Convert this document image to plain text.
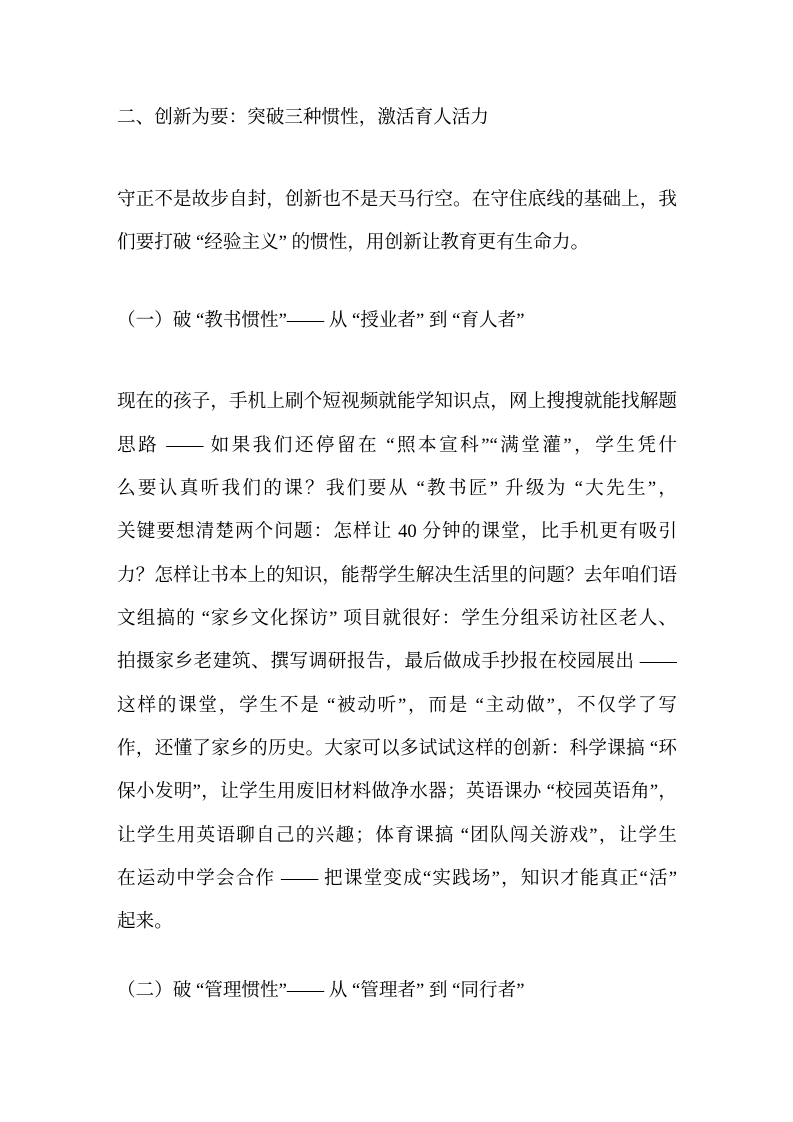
二、创新为要：突破三种惯性，激活育人活力
守正不是故步自封，创新也不是天马行空。在守住底线的基础上，我
们要打破 “经验主义” 的惯性，用创新让教育更有生命力。
（一）破 “教书惯性”—— 从 “授业者” 到 “育人者”
现在的孩子，手机上刷个短视频就能学知识点，网上搜搜就能找解题
思路 —— 如果我们还停留在 “照本宣科”“满堂灌”，学生凭什
么要认真听我们的课？我们要从 “教书匠” 升级为 “大先生”，
关键要想清楚两个问题：怎样让 40 分钟的课堂，比手机更有吸引
力？怎样让书本上的知识，能帮学生解决生活里的问题？去年咱们语
文组搞的 “家乡文化探访” 项目就很好：学生分组采访社区老人、
拍摄家乡老建筑、撰写调研报告，最后做成手抄报在校园展出 ——
这样的课堂，学生不是 “被动听”，而是 “主动做”，不仅学了写
作，还懂了家乡的历史。大家可以多试试这样的创新：科学课搞 “环
保小发明”，让学生用废旧材料做净水器；英语课办 “校园英语角”，
让学生用英语聊自己的兴趣；体育课搞 “团队闯关游戏”，让学生
在运动中学会合作 —— 把课堂变成“实践场”，知识才能真正“活”
起来。
（二）破 “管理惯性”—— 从 “管理者” 到 “同行者”
